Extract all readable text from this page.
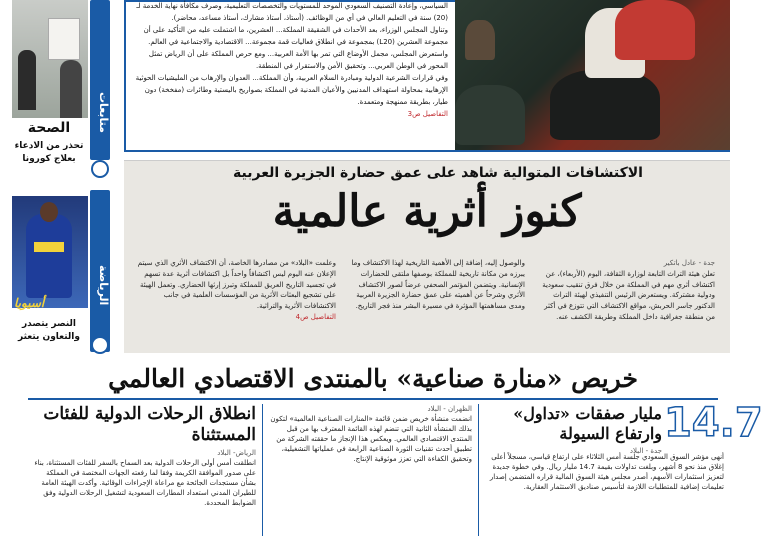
السياسي، وإعادة التصنيف السعودي الموحد للمستويات والتخصصات التعليمية، وصرف مكافأة نهاية الخدمة لـ (20) سنة في التعليم العالي في أي من الوظائف. (أستاذ، أستاذ مشارك، أستاذ مساعد، محاضر).

وتناول المجلس الوزراء، بعد الأحداث في الشقيقة المملكة... العشرين، ما اشتملت عليه من التأكيد على أن مجموعة العشرين (L20) بمجموعة في انطلاق فعاليات قمة مجموعة... الاقتصادية والاجتماعية في العالم.

واستعرض المجلس، مجمل الأوضاع التي تمر بها الأمة العربية... ومع حرص المملكة على أن الرياض تمثل المحور في الوطن العربي... وتحقيق الأمن والاستقرار في المنطقة.

وفي قرارات الشرعية الدولية ومبادرة السلام العربية، وأن المملكة... العدوان والإرهاب من المليشيات الحوثية الإرهابية بمحاولة استهداف المدنيين والأعيان المدنية في المملكة بصواريخ باليستية وطائرات (مفخخة) دون طيار، بطريقة ممنهجة ومتعمدة.

التفاصيل ص3

متابعات
الصحة
تحذر من الادعاء بعلاج كورونا
الرياضة
أسيويا
النصر يتصدر والتعاون يتعثر
الاكتشافات المتوالية شاهد على عمق حضارة الجزيرة العربية
كنوز أثرية عالمية
جدة - عادل باتكير
تعلن هيئة التراث التابعة لوزارة الثقافة، اليوم (الأربعاء)، عن اكتشاف أثري مهم في المملكة من خلال فرق تنقيب سعودية ودولية مشتركة. ويستعرض الرئيس التنفيذي لهيئة التراث الدكتور جاسر الحربش، مواقع الاكتشاف التي تتوزع في أكثر من منطقة جغرافية داخل المملكة وطريقة الكشف عنه.
والوصول إليه، إضافة إلى الأهمية التاريخية لهذا الاكتشاف وما يبرزه من مكانة تاريخية للمملكة بوصفها ملتقى للحضارات الإنسانية. ويتضمن المؤتمر الصحفي عرضاً لصور الاكتشاف الأثري وشرحاً عن أهميته على عمق حضارة الجزيرة العربية ومدى مساهمتها المؤثرة في مسيرة البشر منذ فجر التاريخ.
وعلمت «البلاد» من مصادرها الخاصة، أن الاكتشاف الأثري الذي سيتم الإعلان عنه اليوم ليس اكتشافاً واحداً بل اكتشافات أثرية عدة تسهم في تجسيد التاريخ العريق للمملكة وتبرز إرثها الحضاري. وتعمل الهيئة على تشجيع البعثات الأثرية من المؤسسات العلمية في جانب الاكتشافات الأثرية والتراثية.
التفاصيل ص4
خريص «منارة صناعية» بالمنتدى الاقتصادي العالمي
انطلاق الرحلات الدولية للفئات المستثناة
الرياض- البلاد
انطلقت أمس أولى الرحلات الدولية بعد السماح بالسفر للفئات المستثناة، بناء على صدور الموافقة الكريمة وفقا لما رفعته الجهات المختصة في المملكة بشأن مستجدات الجائحة مع مراعاة الإجراءات الوقائية. وأكدت الهيئة العامة للطيران المدني استعداد المطارات السعودية لتشغيل الرحلات الدولية وفق الضوابط المحددة.
الظهران - البلاد
انضمت منشأة خريص ضمن قائمة «المنارات الصناعية العالمية» لتكون بذلك المنشأة الثانية التي تنضم لهذه القائمة المعترف بها من قبل المنتدى الاقتصادي العالمي. ويعكس هذا الإنجاز ما حققته الشركة من تطبيق أحدث تقنيات الثورة الصناعية الرابعة في عملياتها التشغيلية، وتحقيق الكفاءة التي تعزز موثوقية الإنتاج.
14.7
مليار صفقات «تداول» وارتفاع السيولة
جدة - البلاد
أنهى مؤشر السوق السعودي جلسة أمس الثلاثاء على ارتفاع قياسي، مسجلاً أعلى إغلاق منذ نحو 8 أشهر، وبلغت تداولات بقيمة 14.7 مليار ريال. وفي خطوة جديدة لتعزيز استثمارات الأسهم، أصدر مجلس هيئة السوق المالية قراره المتضمن إصدار تعليمات إضافية للمتطلبات اللازمة لتأسيس صناديق الاستثمار العقارية.
